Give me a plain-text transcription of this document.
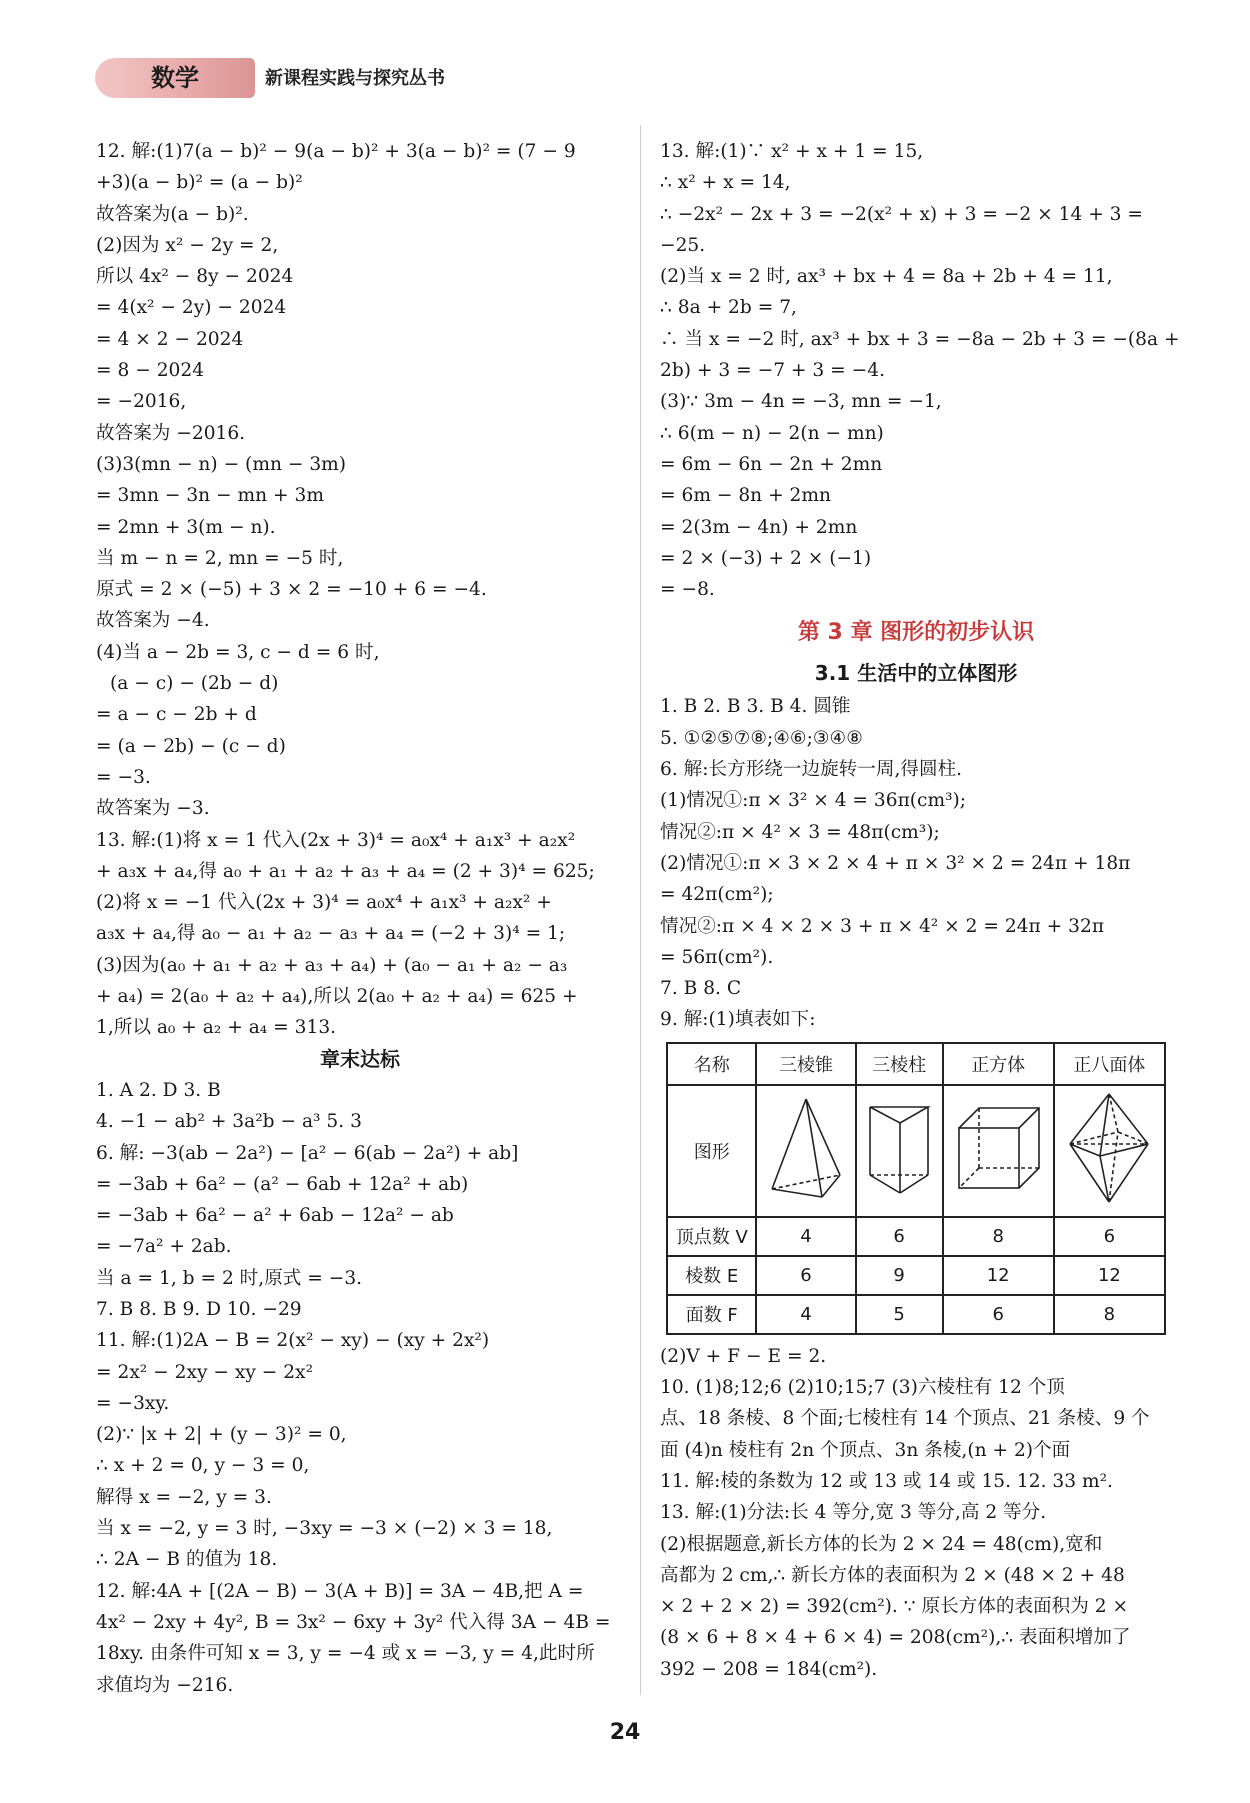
数学	新课程实践与探究丛书
12. 解:(1)7(a − b)² − 9(a − b)² + 3(a − b)² = (7 − 9
+3)(a − b)² = (a − b)²
故答案为(a − b)².
(2)因为 x² − 2y = 2,
所以 4x² − 8y − 2024
= 4(x² − 2y) − 2024
= 4 × 2 − 2024
= 8 − 2024
= −2016,
故答案为 −2016.
(3)3(mn − n) − (mn − 3m)
= 3mn − 3n − mn + 3m
= 2mn + 3(m − n).
当 m − n = 2, mn = −5 时,
原式 = 2 × (−5) + 3 × 2 = −10 + 6 = −4.
故答案为 −4.
(4)当 a − 2b = 3, c − d = 6 时,
(a − c) − (2b − d)
= a − c − 2b + d
= (a − 2b) − (c − d)
= −3.
故答案为 −3.
13. 解:(1)将 x = 1 代入(2x + 3)⁴ = a₀x⁴ + a₁x³ + a₂x²
+ a₃x + a₄,得 a₀ + a₁ + a₂ + a₃ + a₄ = (2 + 3)⁴ = 625;
(2)将 x = −1 代入(2x + 3)⁴ = a₀x⁴ + a₁x³ + a₂x² +
a₃x + a₄,得 a₀ − a₁ + a₂ − a₃ + a₄ = (−2 + 3)⁴ = 1;
(3)因为(a₀ + a₁ + a₂ + a₃ + a₄) + (a₀ − a₁ + a₂ − a₃
+ a₄) = 2(a₀ + a₂ + a₄),所以 2(a₀ + a₂ + a₄) = 625 +
1,所以 a₀ + a₂ + a₄ = 313.
章末达标
1. A 2. D 3. B
4. −1 − ab² + 3a²b − a³ 5. 3
6. 解: −3(ab − 2a²) − [a² − 6(ab − 2a²) + ab]
= −3ab + 6a² − (a² − 6ab + 12a² + ab)
= −3ab + 6a² − a² + 6ab − 12a² − ab
= −7a² + 2ab.
当 a = 1, b = 2 时,原式 = −3.
7. B 8. B 9. D 10. −29
11. 解:(1)2A − B = 2(x² − xy) − (xy + 2x²)
= 2x² − 2xy − xy − 2x²
= −3xy.
(2)∵ |x + 2| + (y − 3)² = 0,
∴ x + 2 = 0, y − 3 = 0,
解得 x = −2, y = 3.
当 x = −2, y = 3 时, −3xy = −3 × (−2) × 3 = 18,
∴ 2A − B 的值为 18.
12. 解:4A + [(2A − B) − 3(A + B)] = 3A − 4B,把 A =
4x² − 2xy + 4y², B = 3x² − 6xy + 3y² 代入得 3A − 4B =
18xy. 由条件可知 x = 3, y = −4 或 x = −3, y = 4,此时所
求值均为 −216.
13. 解:(1)∵ x² + x + 1 = 15,
∴ x² + x = 14,
∴ −2x² − 2x + 3 = −2(x² + x) + 3 = −2 × 14 + 3 =
−25.
(2)当 x = 2 时, ax³ + bx + 4 = 8a + 2b + 4 = 11,
∴ 8a + 2b = 7,
∴ 当 x = −2 时, ax³ + bx + 3 = −8a − 2b + 3 = −(8a +
2b) + 3 = −7 + 3 = −4.
(3)∵ 3m − 4n = −3, mn = −1,
∴ 6(m − n) − 2(n − mn)
= 6m − 6n − 2n + 2mn
= 6m − 8n + 2mn
= 2(3m − 4n) + 2mn
= 2 × (−3) + 2 × (−1)
= −8.
第 3 章 图形的初步认识
3.1 生活中的立体图形
1. B 2. B 3. B 4. 圆锥
5. ①②⑤⑦⑧;④⑥;③④⑧
6. 解:长方形绕一边旋转一周,得圆柱.
(1)情况①:π × 3² × 4 = 36π(cm³);
情况②:π × 4² × 3 = 48π(cm³);
(2)情况①:π × 3 × 2 × 4 + π × 3² × 2 = 24π + 18π
= 42π(cm²);
情况②:π × 4 × 2 × 3 + π × 4² × 2 = 24π + 32π
= 56π(cm²).
7. B 8. C
9. 解:(1)填表如下:
名称	三棱锥	三棱柱	正方体	正八面体
图形				
顶点数 V	4	6	8	6
棱数 E	6	9	12	12
面数 F	4	5	6	8
(2)V + F − E = 2.
10. (1)8;12;6 (2)10;15;7 (3)六棱柱有 12 个顶
点、18 条棱、8 个面;七棱柱有 14 个顶点、21 条棱、9 个
面 (4)n 棱柱有 2n 个顶点、3n 条棱,(n + 2)个面
11. 解:棱的条数为 12 或 13 或 14 或 15. 12. 33 m².
13. 解:(1)分法:长 4 等分,宽 3 等分,高 2 等分.
(2)根据题意,新长方体的长为 2 × 24 = 48(cm),宽和
高都为 2 cm,∴ 新长方体的表面积为 2 × (48 × 2 + 48
× 2 + 2 × 2) = 392(cm²). ∵ 原长方体的表面积为 2 ×
(8 × 6 + 8 × 4 + 6 × 4) = 208(cm²),∴ 表面积增加了
392 − 208 = 184(cm²).
24
